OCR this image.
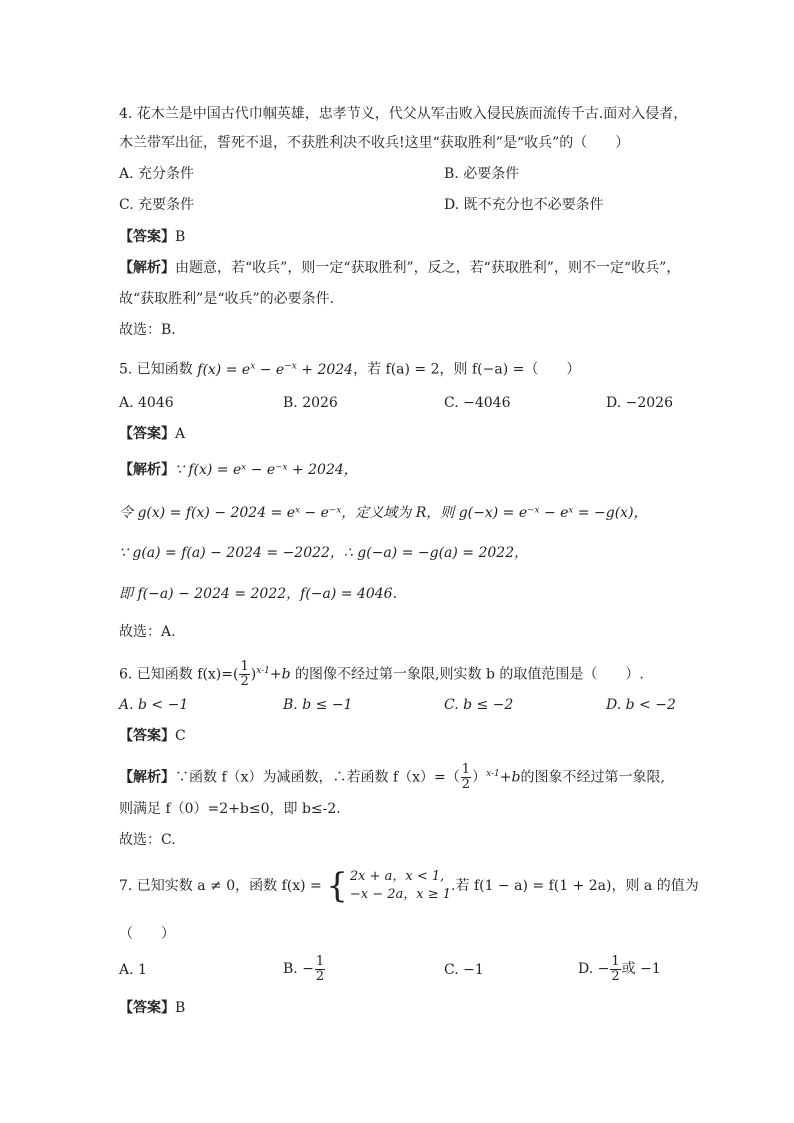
4. 花木兰是中国古代巾帼英雄，忠孝节义，代父从军击败入侵民族而流传千古.面对入侵者，
木兰带军出征，誓死不退，不获胜利决不收兵!这里“获取胜利”是“收兵”的（　　）
A. 充分条件	B. 必要条件
C. 充要条件	D. 既不充分也不必要条件
【答案】B
【解析】由题意，若“收兵”，则一定“获取胜利”，反之，若“获取胜利”，则不一定“收兵”，
故“获取胜利”是“收兵”的必要条件.
故选：B.
5. 已知函数 $f(x) = e^x - e^{-x} + 2024$，若 f(a) = 2，则 f(−a) =（　　）
A. 4046	B. 2026	C. −4046	D. −2026
【答案】A
【解析】∵ f(x) = eˣ − e⁻ˣ + 2024，
令 g(x) = f(x) − 2024 = eˣ − e⁻ˣ，定义域为 R，则 g(−x) = e⁻ˣ − eˣ = −g(x)，
∵ g(a) = f(a) − 2024 = −2022，∴ g(−a) = −g(a) = 2022，
即 f(−a) − 2024 = 2022，f(−a) = 4046.
故选：A.
6. 已知函数 $f(x)=( \frac{1}{2} )^{x-1}+b$ 的图像不经过第一象限,则实数 b 的取值范围是（　　）.
A. b < −1	B. b ≤ −1	C. b ≤ −2	D. b < −2
【答案】C
【解析】∵函数 f（x）为减函数，∴若函数 $f(x)=( \frac{1}{2} )^{x-1}+b$的图象不经过第一象限,
则满足 f（0）=2+b≤0，即 b≤-2.
故选：C.
7. 已知实数 a ≠ 0，函数 f(x) = { 2x + a，x < 1,
−x − 2a，x ≥ 1
.若 f(1 − a) = f(1 + 2a)，则 a 的值为
（　　）
A. 1	B. − $\frac{1}{2}$	C. −1	D. − $\frac{1}{2}$ 或 −1
【答案】B
